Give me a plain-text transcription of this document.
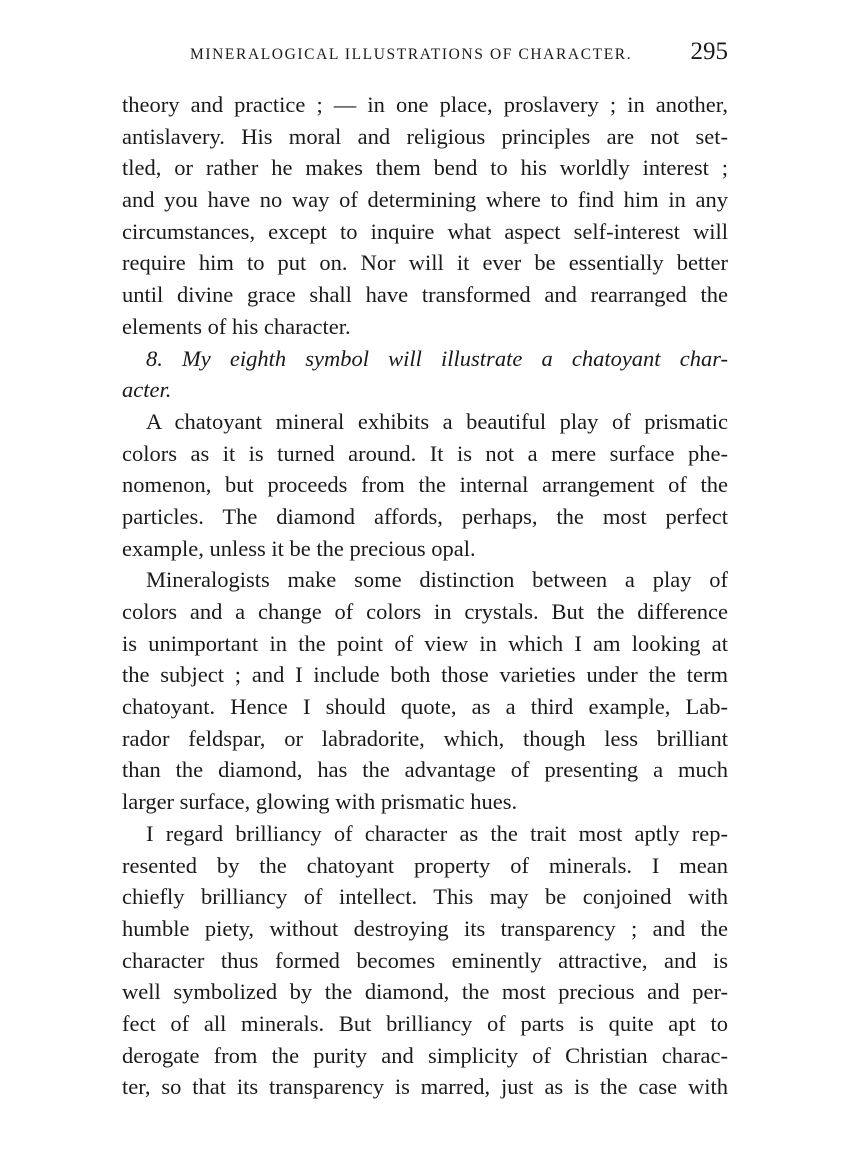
MINERALOGICAL ILLUSTRATIONS OF CHARACTER. 295
theory and practice ; — in one place, proslavery ; in another,
antislavery. His moral and religious principles are not set-
tled, or rather he makes them bend to his worldly interest ;
and you have no way of determining where to find him in any
circumstances, except to inquire what aspect self-interest will
require him to put on. Nor will it ever be essentially better
until divine grace shall have transformed and rearranged the
elements of his character.
8. My eighth symbol will illustrate a chatoyant char-
acter.
A chatoyant mineral exhibits a beautiful play of prismatic
colors as it is turned around. It is not a mere surface phe-
nomenon, but proceeds from the internal arrangement of the
particles. The diamond affords, perhaps, the most perfect
example, unless it be the precious opal.
Mineralogists make some distinction between a play of
colors and a change of colors in crystals. But the difference
is unimportant in the point of view in which I am looking at
the subject ; and I include both those varieties under the term
chatoyant. Hence I should quote, as a third example, Lab-
rador feldspar, or labradorite, which, though less brilliant
than the diamond, has the advantage of presenting a much
larger surface, glowing with prismatic hues.
I regard brilliancy of character as the trait most aptly rep-
resented by the chatoyant property of minerals. I mean
chiefly brilliancy of intellect. This may be conjoined with
humble piety, without destroying its transparency ; and the
character thus formed becomes eminently attractive, and is
well symbolized by the diamond, the most precious and per-
fect of all minerals. But brilliancy of parts is quite apt to
derogate from the purity and simplicity of Christian charac-
ter, so that its transparency is marred, just as is the case with
